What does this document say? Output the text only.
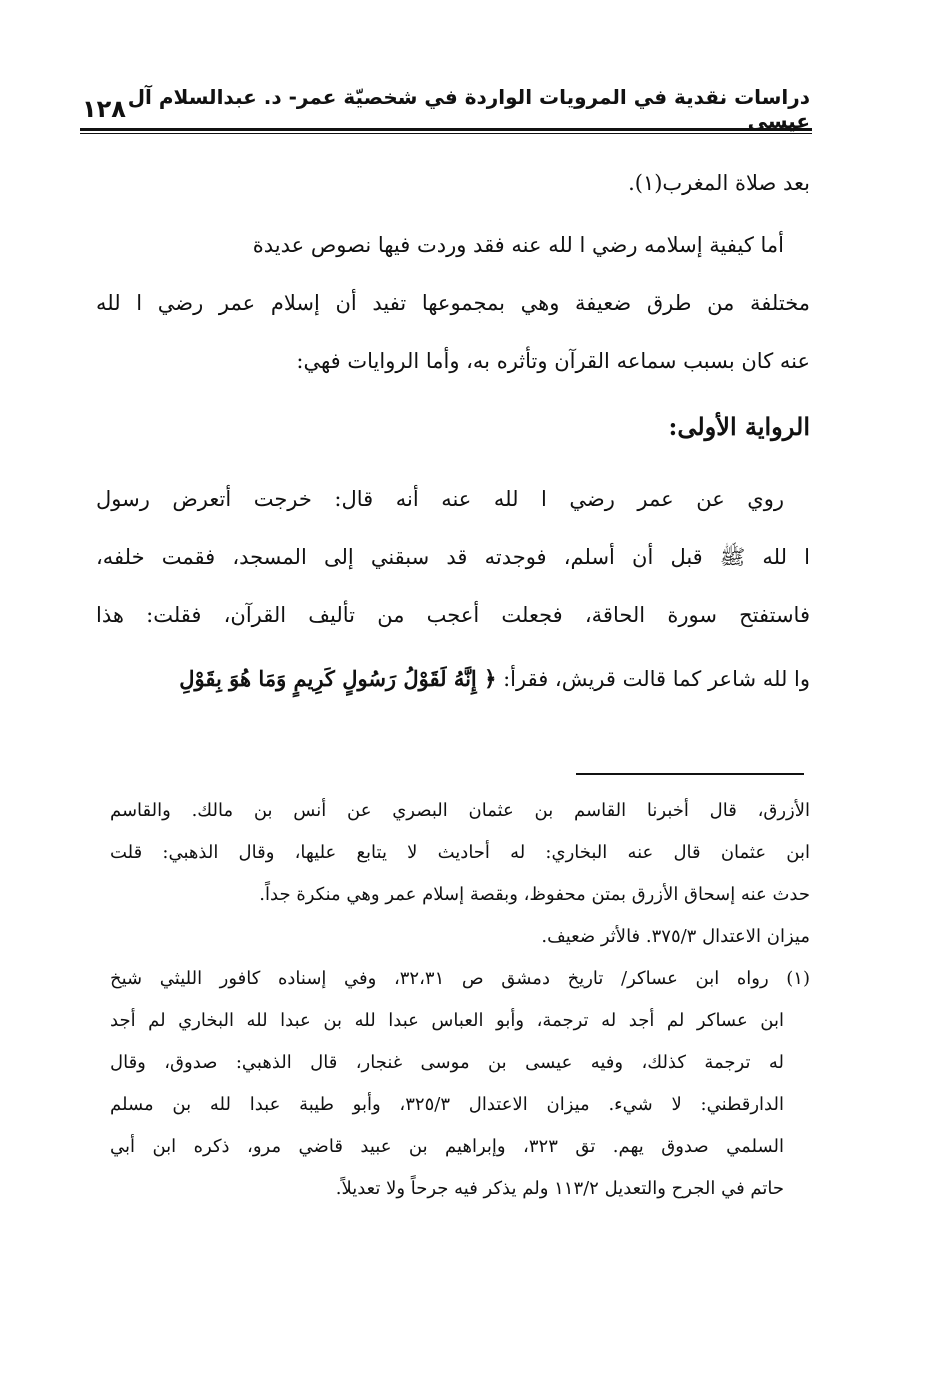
دراسات نقدية في المرويات الواردة في شخصيّة عمر- د. عبدالسلام آل عيسى
١٢٨
بعد صلاة المغرب(١).
أما كيفية إسلامه رضي ا لله عنه فقد وردت فيها نصوص عديدة
مختلفة من طرق ضعيفة وهي بمجموعها تفيد أن إسلام عمر رضي ا لله
عنه كان بسبب سماعه القرآن وتأثره به، وأما الروايات فهي:
الرواية الأولى:
روي عن عمر رضي ا لله عنه أنه قال: خرجت أتعرض رسول
ا لله ﷺ قبل أن أسلم، فوجدته قد سبقني إلى المسجد، فقمت خلفه،
فاستفتح سورة الحاقة، فجعلت أعجب من تأليف القرآن، فقلت: هذا
وا لله شاعر كما قالت قريش، فقرأ: ﴿ إِنَّهُ لَقَوْلُ رَسُولٍ كَرِيمٍ وَمَا هُوَ بِقَوْلِ
الأزرق، قال أخبرنا القاسم بن عثمان البصري عن أنس بن مالك. والقاسم
ابن عثمان قال عنه البخاري: له أحاديث لا يتابع عليها، وقال الذهبي: قلت
حدث عنه إسحاق الأزرق بمتن محفوظ، وبقصة إسلام عمر وهي منكرة جداً.
ميزان الاعتدال ٣٧٥/٣. فالأثر ضعيف.
(١) رواه ابن عساكر/ تاريخ دمشق ص ٣٢،٣١، وفي إسناده كافور الليثي شيخ
ابن عساكر لم أجد له ترجمة، وأبو العباس عبدا لله بن عبدا لله البخاري لم أجد
له ترجمة كذلك، وفيه عيسى بن موسى غنجار، قال الذهبي: صدوق، وقال
الدارقطني: لا شيء. ميزان الاعتدال ٣٢٥/٣، وأبو طيبة عبدا لله بن مسلم
السلمي صدوق يهم. تق ٣٢٣، وإبراهيم بن عبيد قاضي مرو، ذكره ابن أبي
حاتم في الجرح والتعديل ١١٣/٢ ولم يذكر فيه جرحاً ولا تعديلاً.
